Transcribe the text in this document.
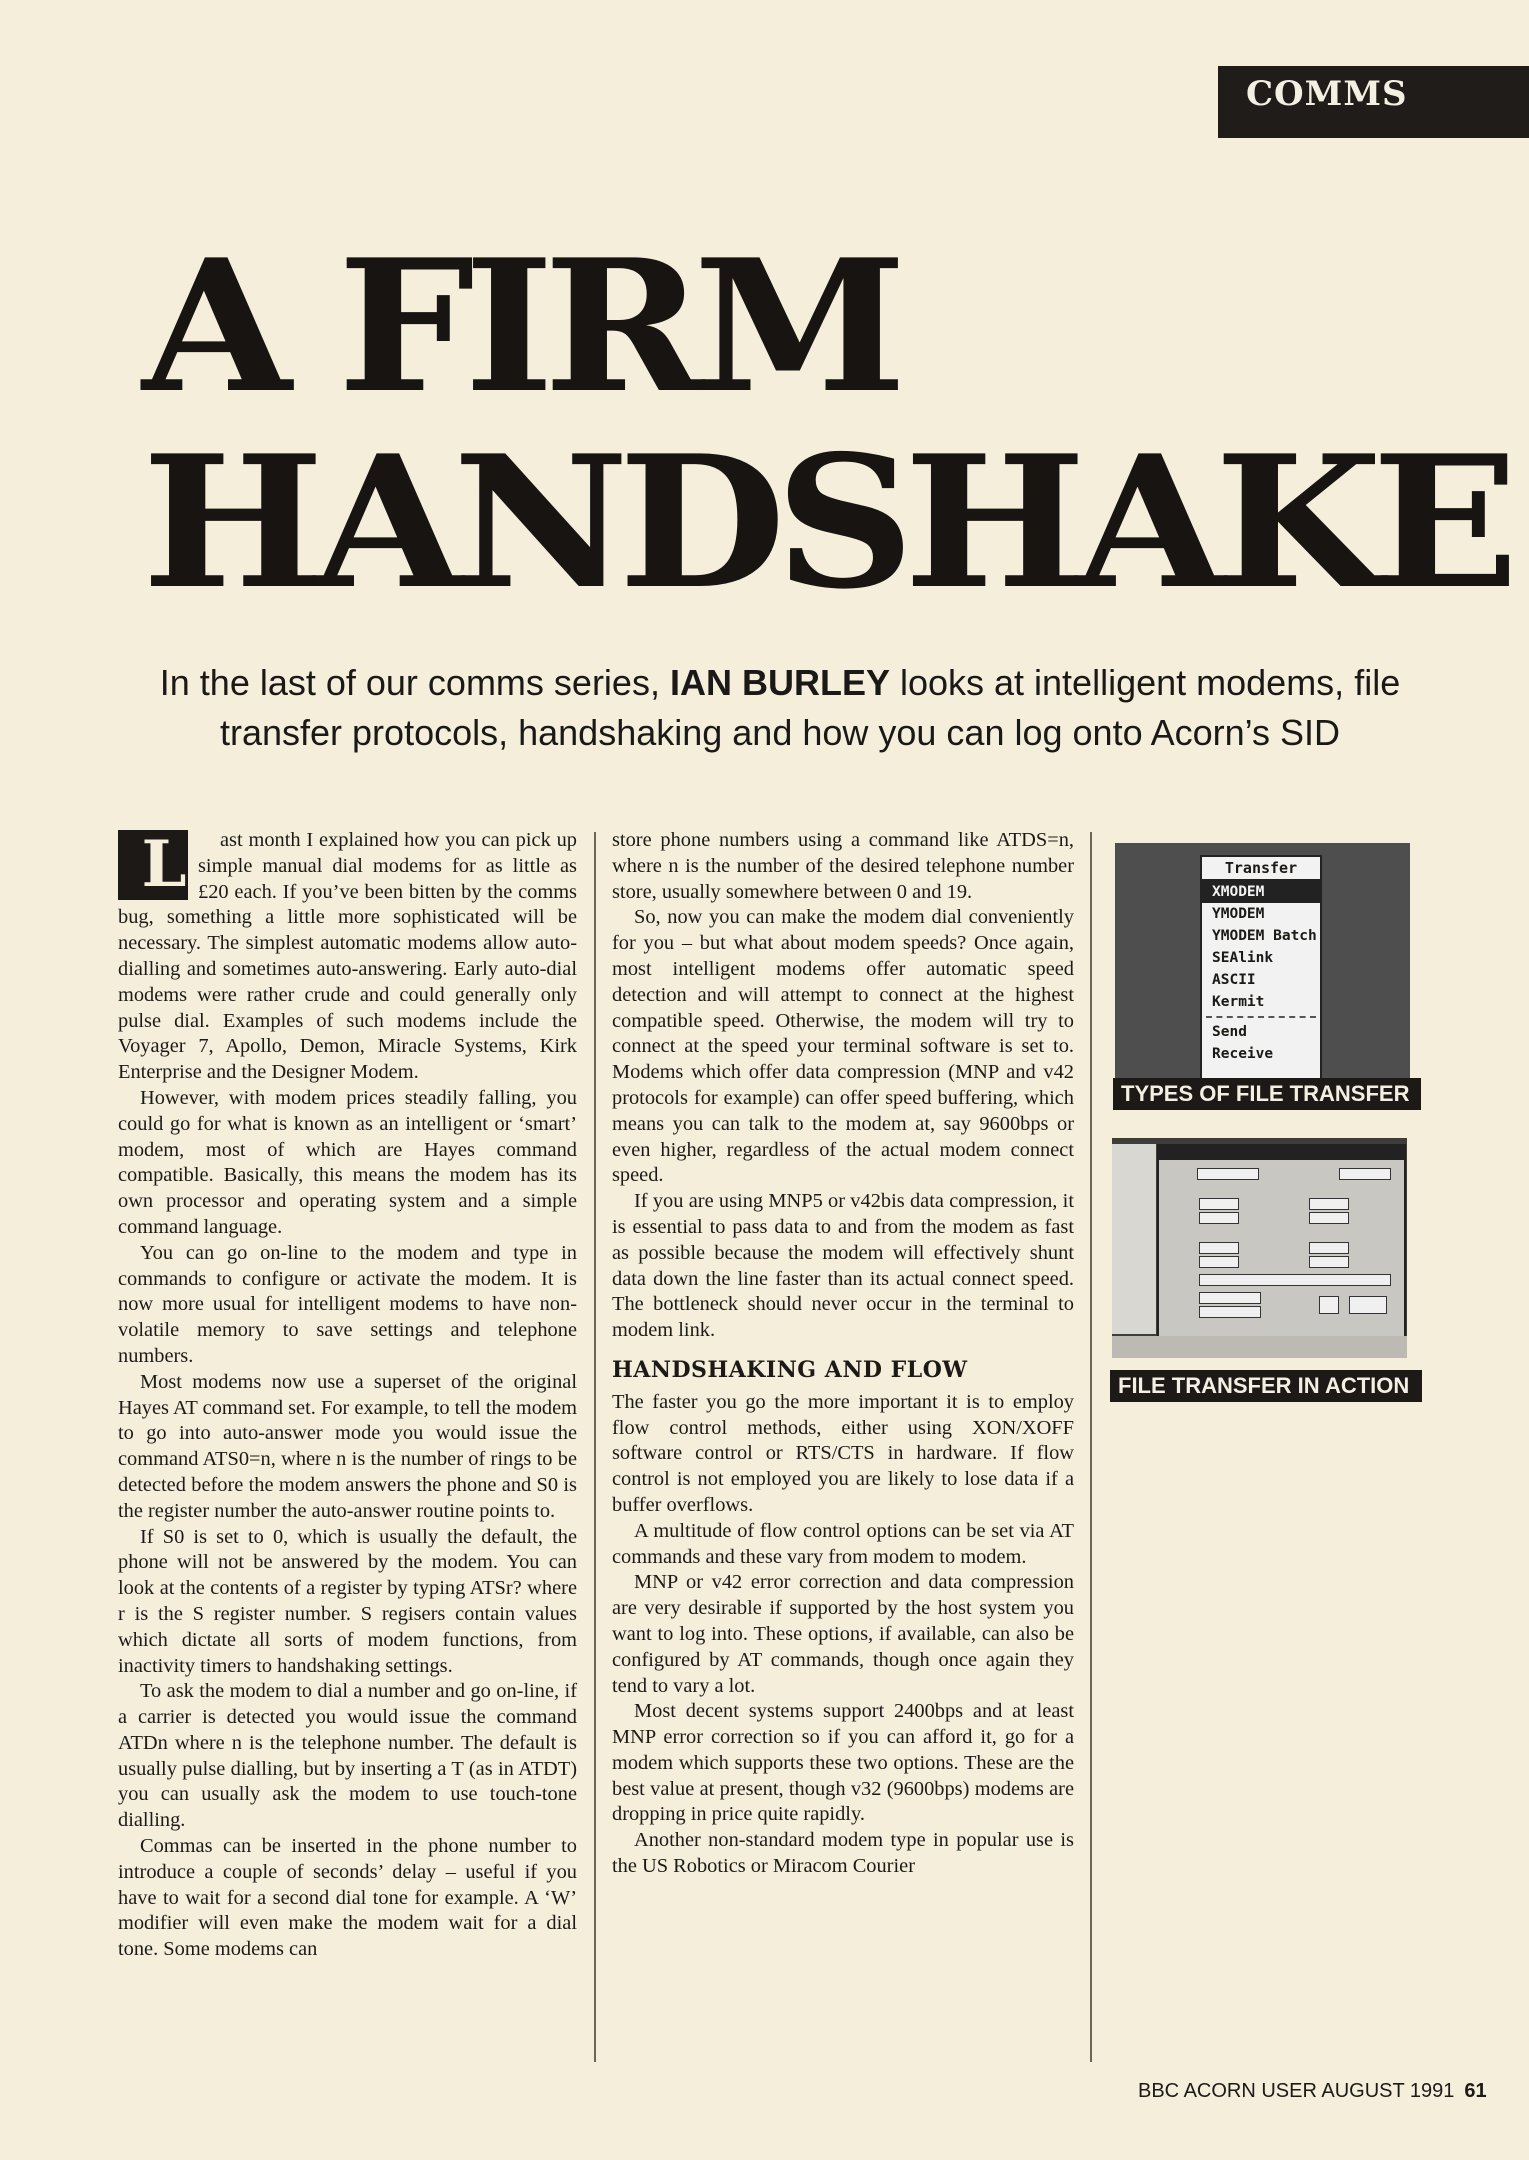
COMMS
A FIRM
HANDSHAKE

In the last of our comms series, IAN BURLEY looks at intelligent modems, file transfer protocols, handshaking and how you can log onto Acorn’s SID

L ast month I explained how you can pick up simple manual dial modems for as little as £20 each. If you’ve been bitten by the comms bug, something a little more sophisticated will be necessary. The simplest automatic modems allow auto-dialling and sometimes auto-answering. Early auto-dial modems were rather crude and could generally only pulse dial. Examples of such modems include the Voyager 7, Apollo, Demon, Miracle Systems, Kirk Enterprise and the Designer Modem.

However, with modem prices steadily falling, you could go for what is known as an intelligent or ‘smart’ modem, most of which are Hayes command compatible. Basically, this means the modem has its own processor and operating system and a simple command language.

You can go on-line to the modem and type in commands to configure or activate the modem. It is now more usual for intelligent modems to have non-volatile memory to save settings and telephone numbers.

Most modems now use a superset of the original Hayes AT command set. For example, to tell the modem to go into auto-answer mode you would issue the command ATS0=n, where n is the number of rings to be detected before the modem answers the phone and S0 is the register number the auto-answer routine points to.

If S0 is set to 0, which is usually the default, the phone will not be answered by the modem. You can look at the contents of a register by typing ATSr? where r is the S register number. S regisers contain values which dictate all sorts of modem functions, from inactivity timers to handshaking settings.

To ask the modem to dial a number and go on-line, if a carrier is detected you would issue the command ATDn where n is the telephone number. The default is usually pulse dialling, but by inserting a T (as in ATDT) you can usually ask the modem to use touch-tone dialling.

Commas can be inserted in the phone number to introduce a couple of seconds’ delay – useful if you have to wait for a second dial tone for example. A ‘W’ modifier will even make the modem wait for a dial tone. Some modems can

store phone numbers using a command like ATDS=n, where n is the number of the desired telephone number store, usually somewhere between 0 and 19.

So, now you can make the modem dial conveniently for you – but what about modem speeds? Once again, most intelligent modems offer automatic speed detection and will attempt to connect at the highest compatible speed. Otherwise, the modem will try to connect at the speed your terminal software is set to. Modems which offer data compression (MNP and v42 protocols for example) can offer speed buffering, which means you can talk to the modem at, say 9600bps or even higher, regardless of the actual modem connect speed.

If you are using MNP5 or v42bis data compression, it is essential to pass data to and from the modem as fast as possible because the modem will effectively shunt data down the line faster than its actual connect speed. The bottleneck should never occur in the terminal to modem link.

HANDSHAKING AND FLOW

The faster you go the more important it is to employ flow control methods, either using XON/XOFF software control or RTS/CTS in hardware. If flow control is not employed you are likely to lose data if a buffer overflows.

A multitude of flow control options can be set via AT commands and these vary from modem to modem.

MNP or v42 error correction and data compression are very desirable if supported by the host system you want to log into. These options, if available, can also be configured by AT commands, though once again they tend to vary a lot.

Most decent systems support 2400bps and at least MNP error correction so if you can afford it, go for a modem which supports these two options. These are the best value at present, though v32 (9600bps) modems are dropping in price quite rapidly.

Another non-standard modem type in popular use is the US Robotics or Miracom Courier

Transfer
XMODEM
YMODEM
YMODEM Batch
SEAlink
ASCII
Kermit
Send
Receive
TYPES OF FILE TRANSFER
FILE TRANSFER IN ACTION
BBC ACORN USER AUGUST 1991 61
